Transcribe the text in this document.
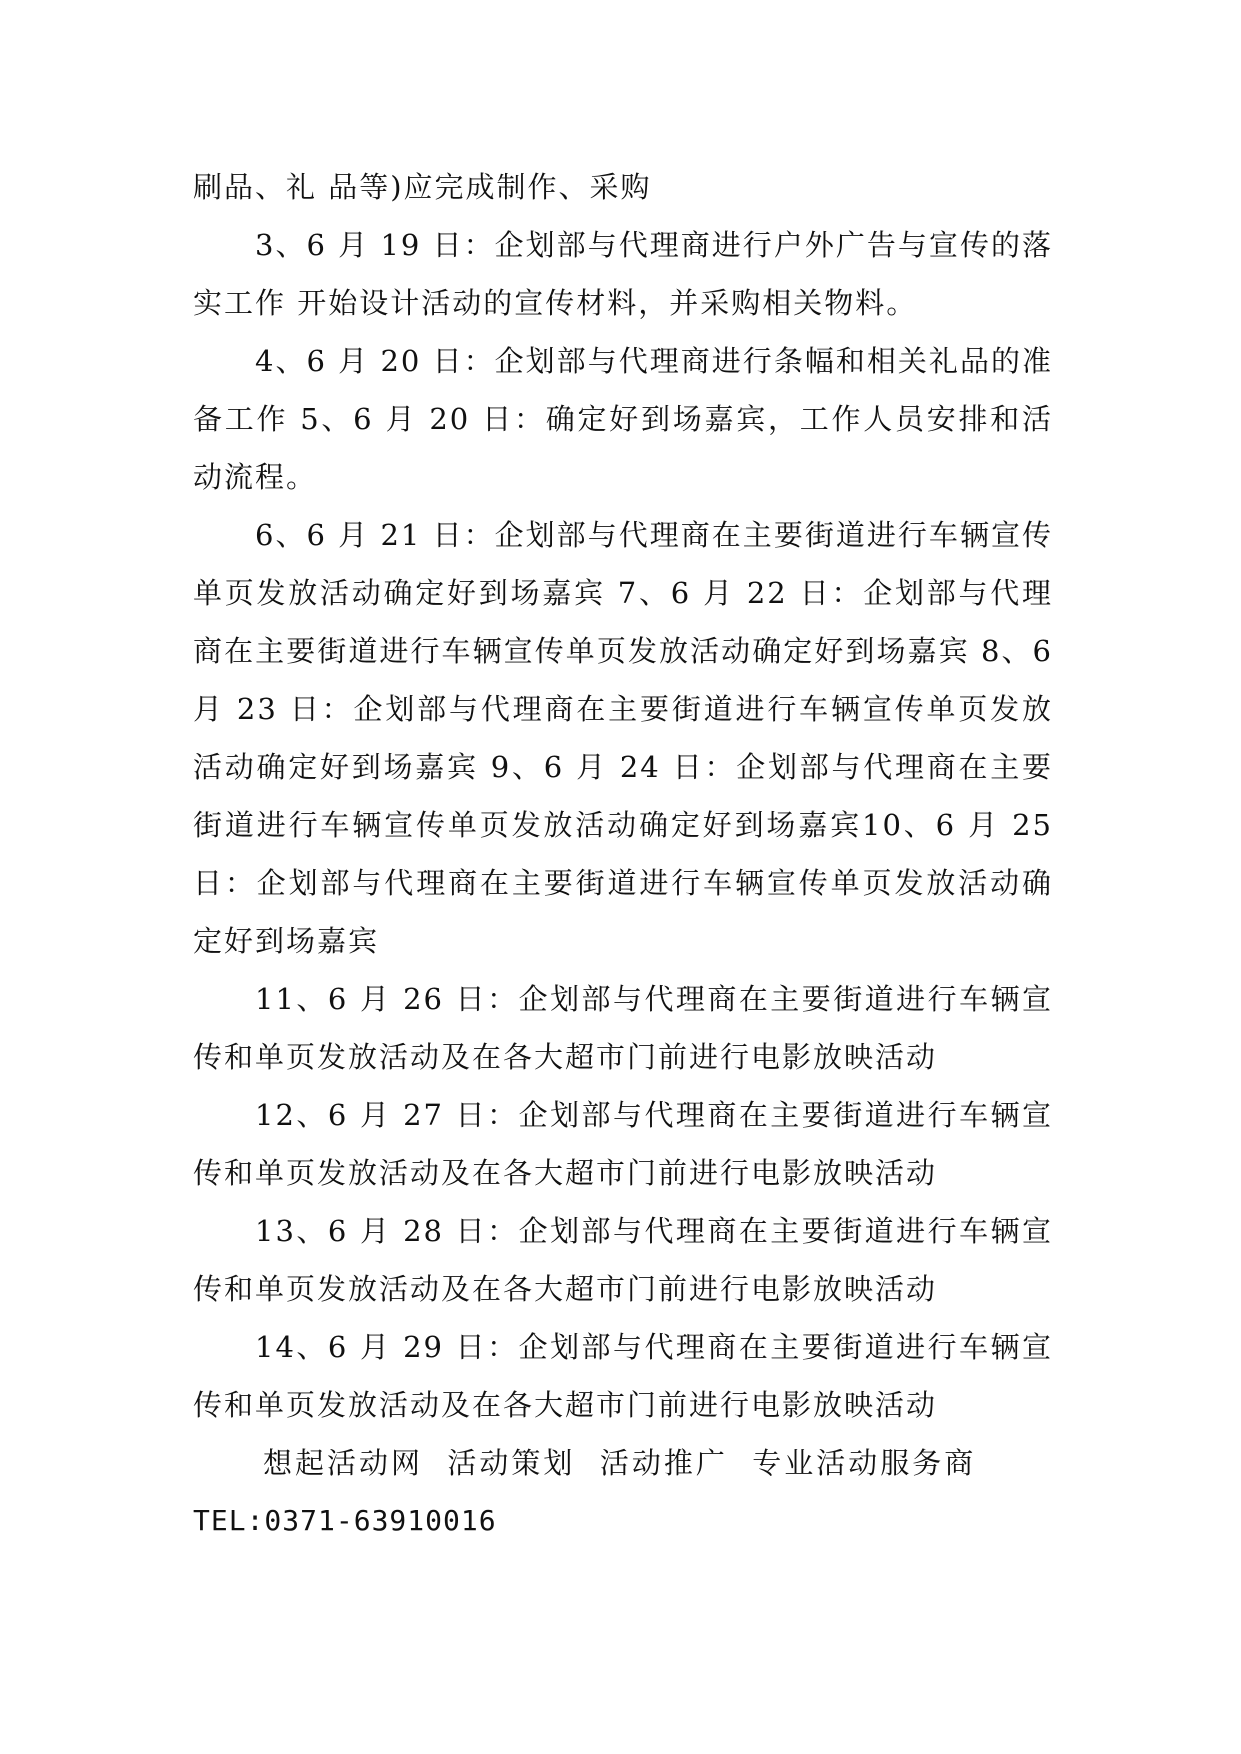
刷品、礼 品等)应完成制作、采购

3、6 月 19 日：企划部与代理商进行户外广告与宣传的落实工作 开始设计活动的宣传材料，并采购相关物料。

4、6 月 20 日：企划部与代理商进行条幅和相关礼品的准备工作 5、6 月 20 日：确定好到场嘉宾，工作人员安排和活动流程。

6、6 月 21 日：企划部与代理商在主要街道进行车辆宣传单页发放活动确定好到场嘉宾 7、6 月 22 日：企划部与代理商在主要街道进行车辆宣传单页发放活动确定好到场嘉宾 8、6 月 23 日：企划部与代理商在主要街道进行车辆宣传单页发放活动确定好到场嘉宾 9、6 月 24 日：企划部与代理商在主要街道进行车辆宣传单页发放活动确定好到场嘉宾10、6 月 25 日：企划部与代理商在主要街道进行车辆宣传单页发放活动确定好到场嘉宾

11、6 月 26 日：企划部与代理商在主要街道进行车辆宣传和单页发放活动及在各大超市门前进行电影放映活动

12、6 月 27 日：企划部与代理商在主要街道进行车辆宣传和单页发放活动及在各大超市门前进行电影放映活动

13、6 月 28 日：企划部与代理商在主要街道进行车辆宣传和单页发放活动及在各大超市门前进行电影放映活动

14、6 月 29 日：企划部与代理商在主要街道进行车辆宣传和单页发放活动及在各大超市门前进行电影放映活动

想起活动网  活动策划  活动推广  专业活动服务商

TEL:0371-63910016
